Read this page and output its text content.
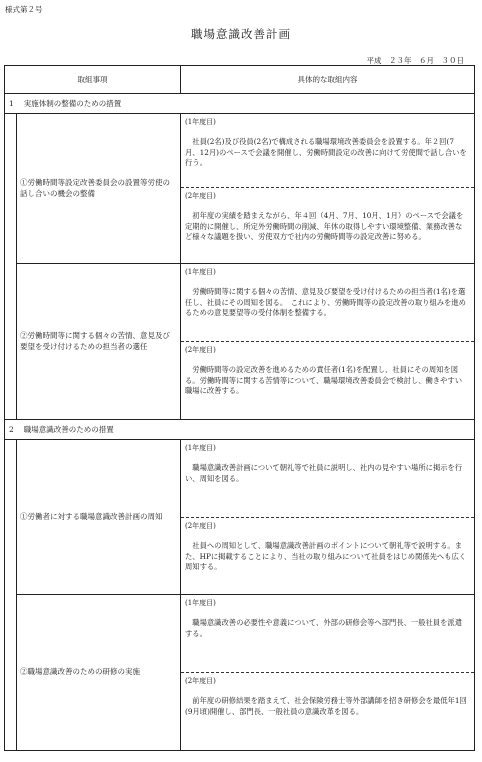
様式第２号
職場意識改善計画
平成　２３年　６月　３０日
取組事項	具体的な取組内容
1 実施体制の整備のための措置
①労働時間等設定改善委員会の設置等労使の話し合いの機会の整備
(1年度目)
社員(2名)及び役員(2名)で構成される職場環境改善委員会を設置する。年２回(7月、12月)のペースで会議を開催し、労働時間設定の改善に向けて労使間で話し合いを行う。
(2年度目)
初年度の実績を踏まえながら、年４回（4月、7月、10月、1月）のペースで会議を定期的に開催し、所定外労働時間の削減、年休の取得しやすい環境整備、業務改善など様々な議題を扱い、労使双方で社内の労働時間等の設定改善に努める。
②労働時間等に関する個々の苦情、意見及び要望を受け付けるための担当者の選任
(1年度目)
労働時間等に関する個々の苦情、意見及び要望を受け付けるための担当者(1名)を選任し、社員にその周知を図る。　これにより、労働時間等の設定改善の取り組みを進めるための意見要望等の受付体制を整備する。
(2年度目)
労働時間等の設定改善を進めるための責任者(1名)を配置し、社員にその周知を図る。労働時間等に関する苦情等について、職場環境改善委員会で検討し、働きやすい職場に改善する。
2 職場意識改善のための措置
①労働者に対する職場意識改善計画の周知
(1年度目)
職場意識改善計画について朝礼等で社員に説明し、社内の見やすい場所に掲示を行い、周知を図る。
(2年度目)
社員への周知として、職場意識改善計画のポイントについて朝礼等で説明する。また、HPに掲載することにより、当社の取り組みについて社員をはじめ関係先へも広く周知する。
②職場意識改善のための研修の実施
(1年度目)
職場意識改善の必要性や意義について、外部の研修会等へ部門長、一般社員を派遣する。
(2年度目)
前年度の研修結果を踏まえて、社会保険労務士等外部講師を招き研修会を最低年1回(9月頃)開催し、部門長、一般社員の意識改革を図る。
